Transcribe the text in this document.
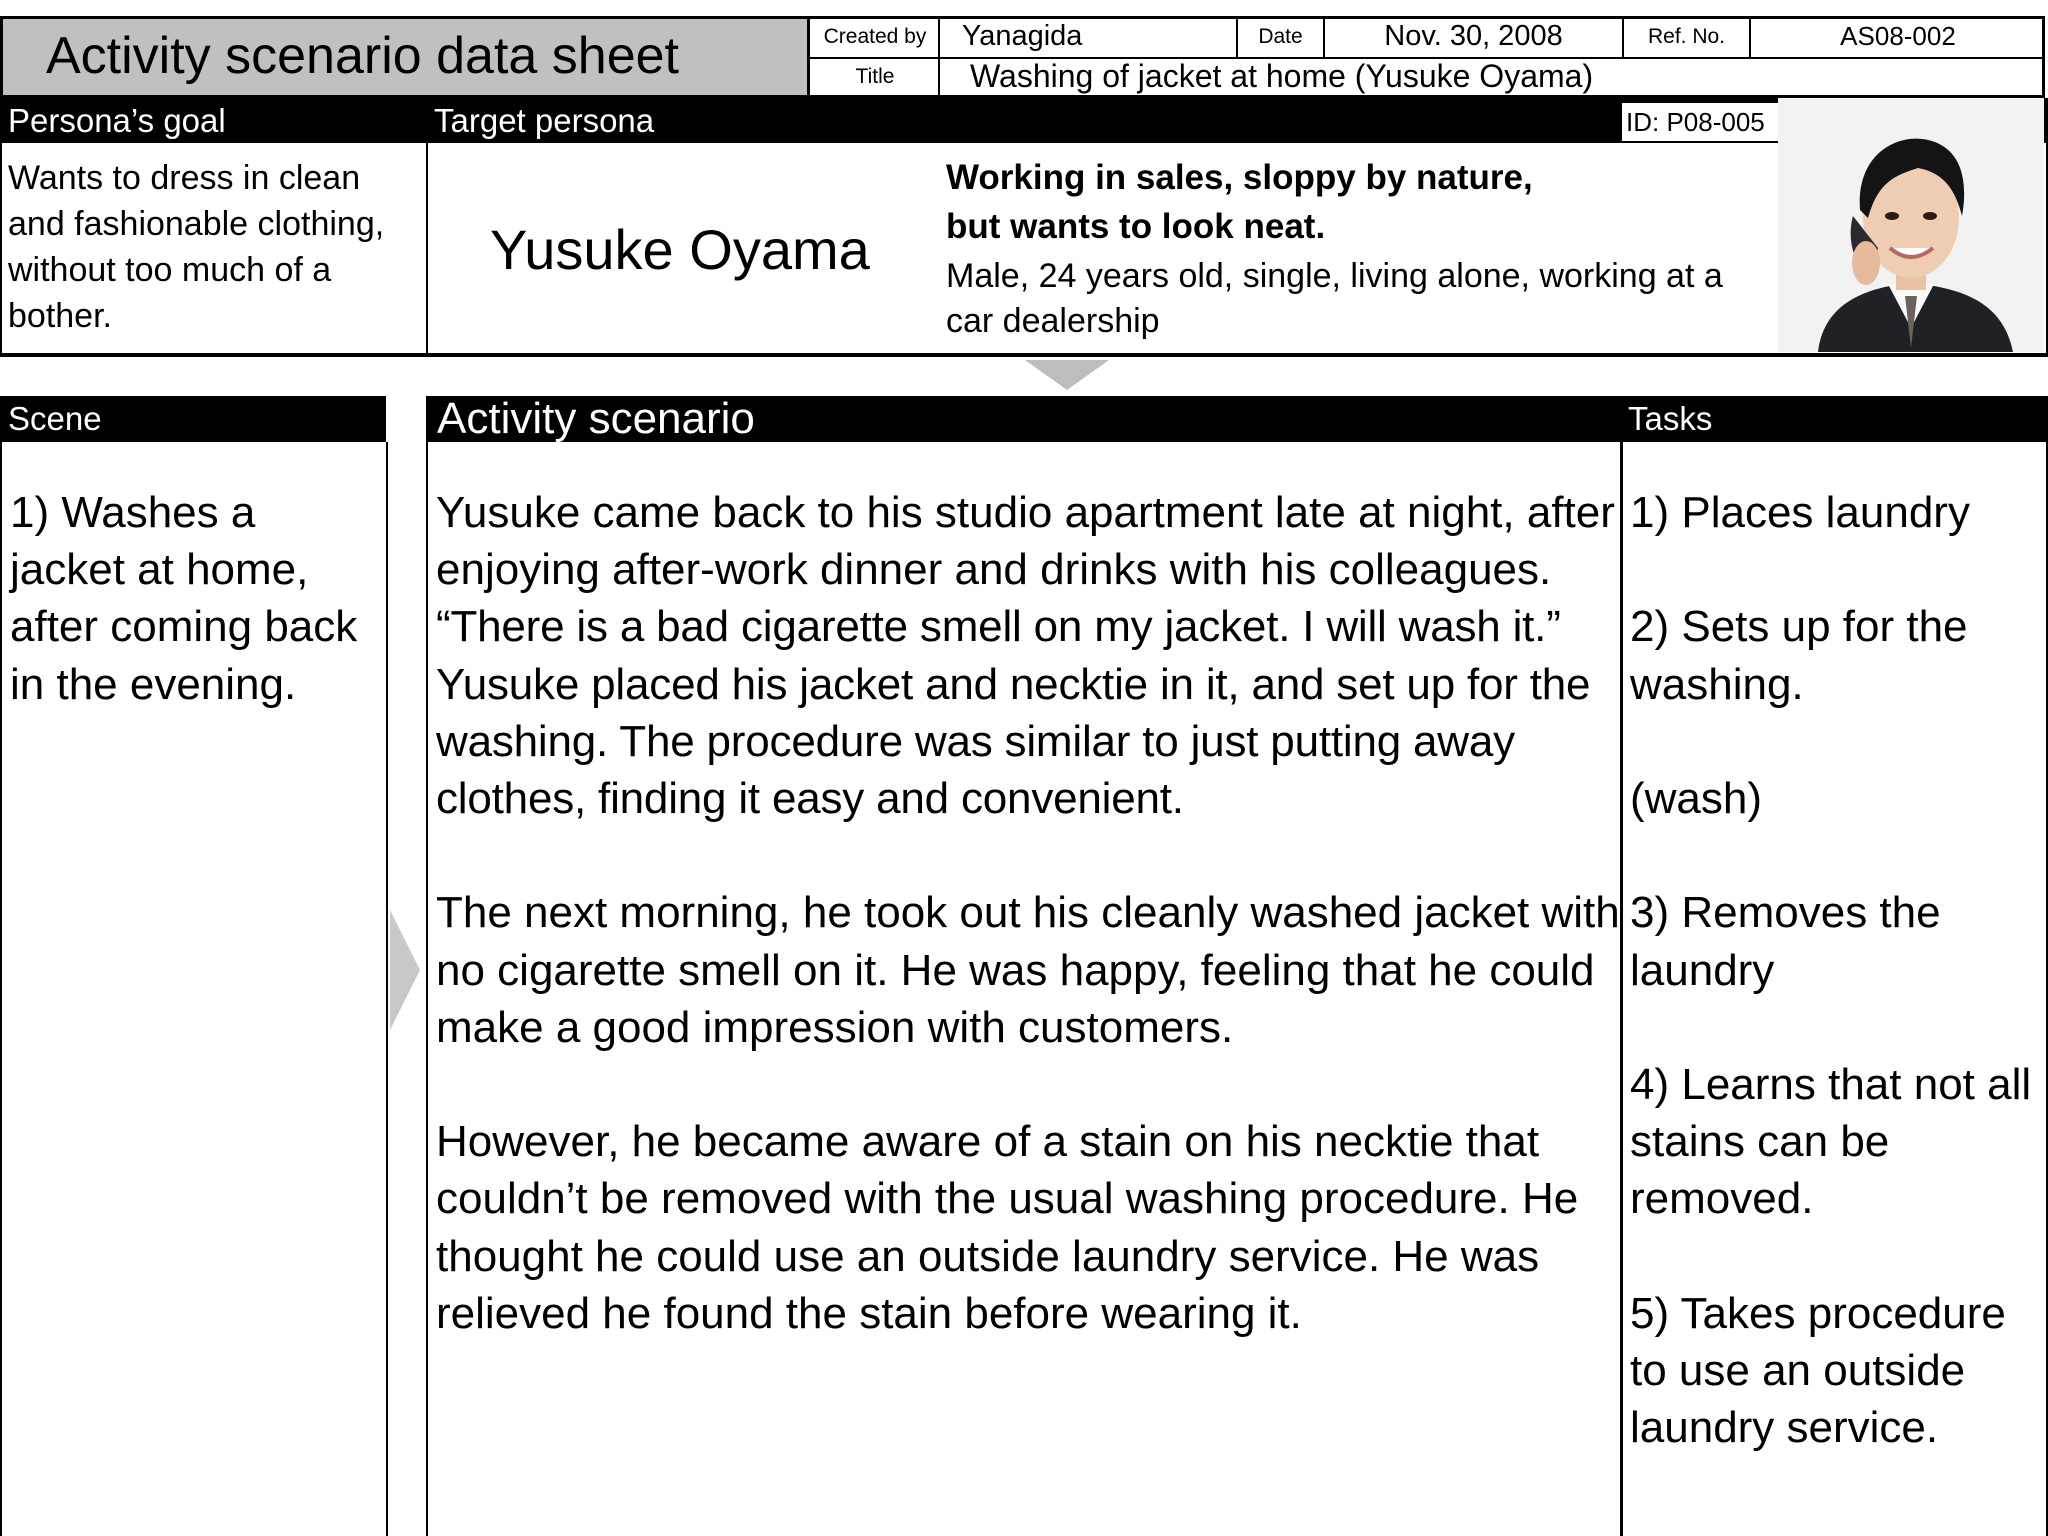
Activity scenario data sheet	Created by	Yanagida	Date	Nov. 30, 2008	Ref. No.	AS08-002
Title	Washing of jacket at home (Yusuke Oyama)
Persona’s goal	Target persona	ID: P08-005
Wants to dress in clean and fashionable clothing, without too much of a bother.
Yusuke Oyama
Working in sales, sloppy by nature,
but wants to look neat.
Male, 24 years old, single, living alone, working at a car dealership
Scene
1) Washes a jacket at home, after coming back in the evening.
Activity scenario	Tasks
Yusuke came back to his studio apartment late at night, after enjoying after-work dinner and drinks with his colleagues.
“There is a bad cigarette smell on my jacket. I will wash it.” Yusuke placed his jacket and necktie in it, and set up for the washing. The procedure was similar to just putting away clothes, finding it easy and convenient.
The next morning, he took out his cleanly washed jacket with no cigarette smell on it. He was happy, feeling that he could make a good impression with customers.
However, he became aware of a stain on his necktie that couldn’t be removed with the usual washing procedure. He thought he could use an outside laundry service. He was relieved he found the stain before wearing it.
1) Places laundry
2) Sets up for the washing.
(wash)
3) Removes the laundry
4) Learns that not all stains can be removed.
5) Takes procedure to use an outside laundry service.
